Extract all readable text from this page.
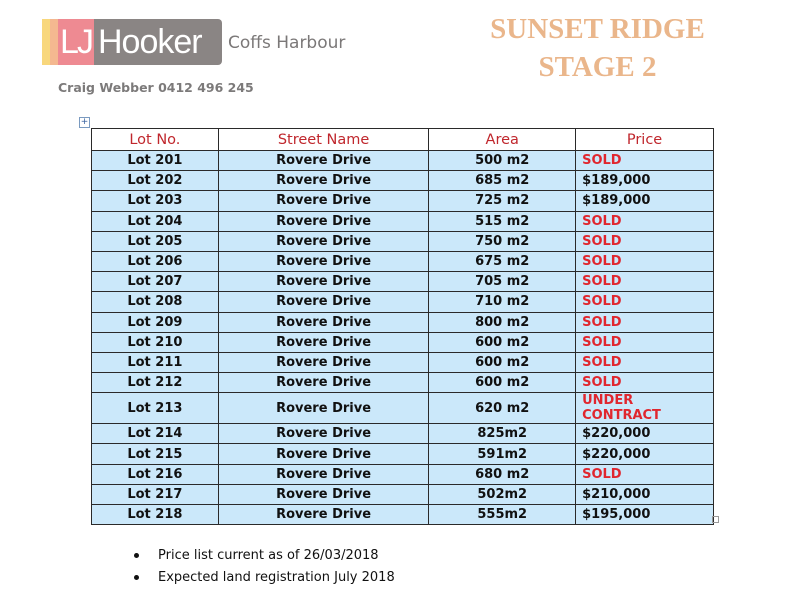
LJ Hooker	Coffs Harbour
Craig Webber 0412 496 245
SUNSET RIDGE
STAGE 2
+
Lot No.	Street Name	Area	Price
Lot 201	Rovere Drive	500 m2	SOLD
Lot 202	Rovere Drive	685 m2	$189,000
Lot 203	Rovere Drive	725 m2	$189,000
Lot 204	Rovere Drive	515 m2	SOLD
Lot 205	Rovere Drive	750 m2	SOLD
Lot 206	Rovere Drive	675 m2	SOLD
Lot 207	Rovere Drive	705 m2	SOLD
Lot 208	Rovere Drive	710 m2	SOLD
Lot 209	Rovere Drive	800 m2	SOLD
Lot 210	Rovere Drive	600 m2	SOLD
Lot 211	Rovere Drive	600 m2	SOLD
Lot 212	Rovere Drive	600 m2	SOLD
Lot 213	Rovere Drive	620 m2	UNDER CONTRACT
Lot 214	Rovere Drive	825m2	$220,000
Lot 215	Rovere Drive	591m2	$220,000
Lot 216	Rovere Drive	680 m2	SOLD
Lot 217	Rovere Drive	502m2	$210,000
Lot 218	Rovere Drive	555m2	$195,000
Price list current as of 26/03/2018
Expected land registration July 2018
